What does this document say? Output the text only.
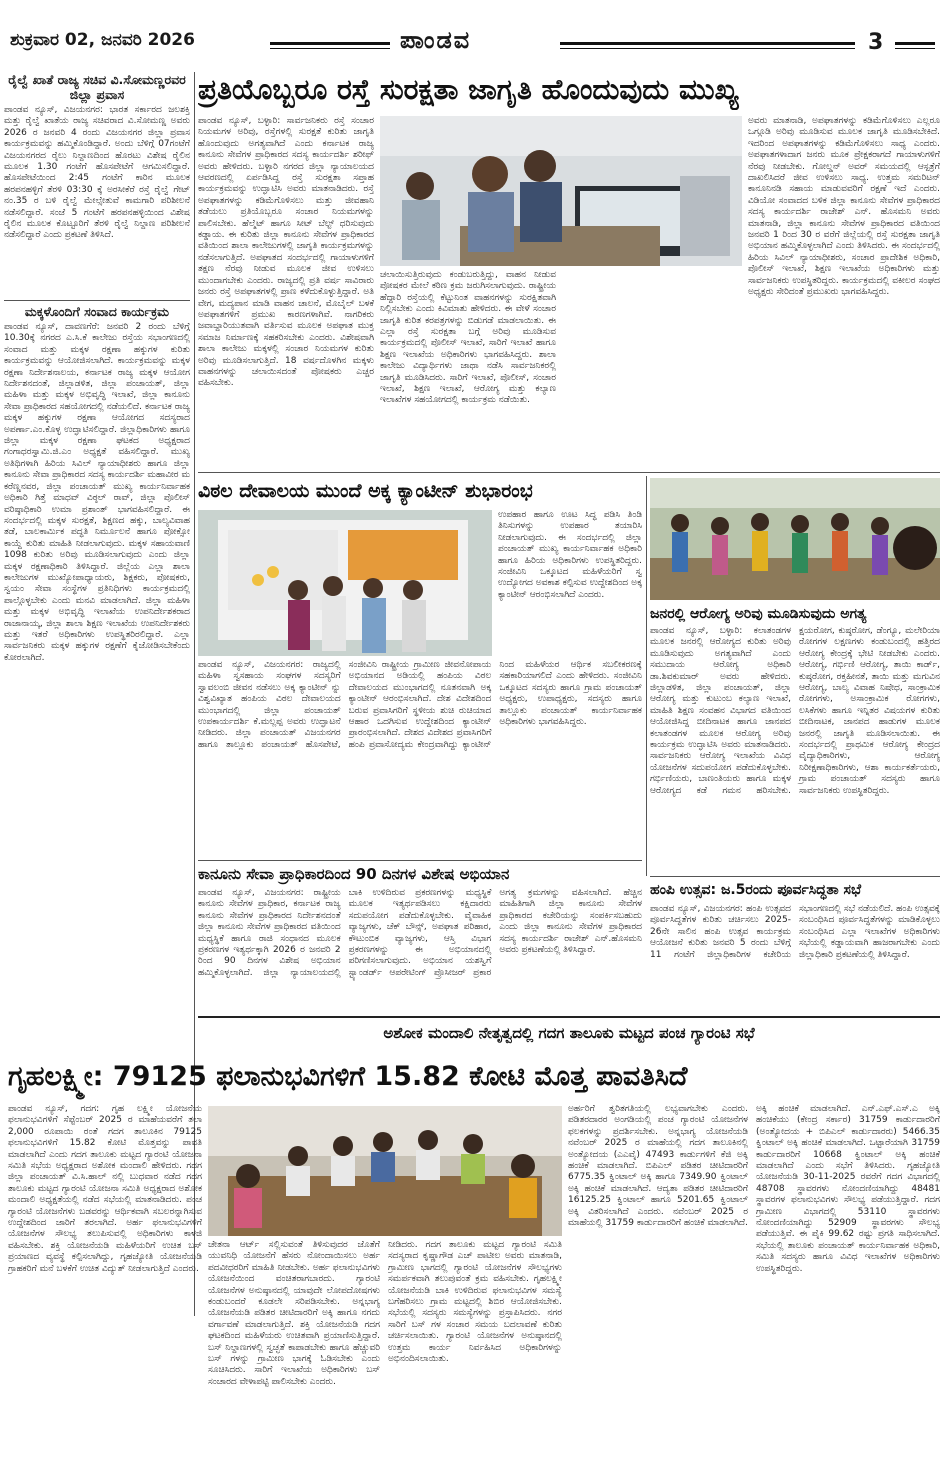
ಶುಕ್ರವಾರ 02, ಜನವರಿ 2026	ಪಾಂಡವ	3
ರೈಲ್ವೆ ಖಾತೆ ರಾಜ್ಯ ಸಚಿವ ವಿ.ಸೋಮಣ್ಣರವರ ಜಿಲ್ಲಾ ಪ್ರವಾಸ
ಪಾಂಡವ ನ್ಯೂಸ್, ವಿಜಯನಗರ: ಭಾರತ ಸರ್ಕಾರದ ಜಲಶಕ್ತಿ ಮತ್ತು ರೈಲ್ವೆ ಖಾತೆಯ ರಾಜ್ಯ ಸಚಿವರಾದ ವಿ.ಸೋಮಣ್ಣ ಅವರು 2026 ರ ಜನವರಿ 4 ರಂದು ವಿಜಯನಗರ ಜಿಲ್ಲಾ ಪ್ರವಾಸ ಕಾರ್ಯಕ್ರಮವನ್ನು ಹಮ್ಮಿಕೊಂಡಿದ್ದಾರೆ. ಅಂದು ಬೆಳಿಗ್ಗೆ 07ಗಂಟೆಗೆ ವಿಜಯನಗರದ ರೈಲು ನಿಲ್ದಾಣದಿಂದ ಹೊರಟು ವಿಶೇಷ ರೈಲಿನ ಮೂಲಕ 1.30 ಗಂಟೆಗೆ ಹೊಸಪೇಟೆಗೆ ಆಗಮಿಸಲಿದ್ದಾರೆ. ಹೊಸಪೇಟೆಯಿಂದ 2:45 ಗಂಟೆಗೆ ಕಾರಿನ ಮೂಲಕ ಹರಪನಹಳ್ಳಿಗೆ ತೆರಳಿ 03:30 ಕ್ಕೆ ಅರಸೀಕೆರೆ ರಸ್ತೆ ರೈಲ್ವೆ ಗೇಟ್ ನಂ.35 ರ ಬಳಿ ರೈಲ್ವೆ ಮೇಲ್ಸೇತುವೆ ಕಾಮಗಾರಿ ಪರಿಶೀಲನೆ ನಡೆಸಲಿದ್ದಾರೆ. ಸಂಜೆ 5 ಗಂಟೆಗೆ ಹರಪನಹಳ್ಳಿಯಿಂದ ವಿಶೇಷ ರೈಲಿನ ಮೂಲಕ ಕೊಟ್ಟೂರಿಗೆ ತೆರಳಿ ರೈಲ್ವೆ ನಿಲ್ದಾಣ ಪರಿಶೀಲನೆ ನಡೆಸಲಿದ್ದಾರೆ ಎಂದು ಪ್ರಕಟಣೆ ತಿಳಿಸಿದೆ.
ಮಕ್ಕಳೊಂದಿಗೆ ಸಂವಾದ ಕಾರ್ಯಕ್ರಮ
ಪಾಂಡವ ನ್ಯೂಸ್, ದಾವಣಗೆರೆ: ಜನವರಿ 2 ರಂದು ಬೆಳಿಗ್ಗೆ 10.30ಕ್ಕೆ ನಗರದ ಎ.ಸಿ.ಕೆ ಕಾಲೇಜು ರಸ್ತೆಯ ಸಭಾಂಗಣದಲ್ಲಿ ಸಂವಾದ ಮತ್ತು ಮಕ್ಕಳ ರಕ್ಷಣಾ ಹಕ್ಕುಗಳ ಕುರಿತು ಕಾರ್ಯಕ್ರಮವನ್ನು ಆಯೋಜಿಸಲಾಗಿದೆ. ಕಾರ್ಯಕ್ರಮವನ್ನು ಮಕ್ಕಳ ರಕ್ಷಣಾ ನಿರ್ದೇಶನಾಲಯ, ಕರ್ನಾಟಕ ರಾಜ್ಯ ಮಕ್ಕಳ ಆಯೋಗ ನಿರ್ದೇಶನದಂತೆ, ಜಿಲ್ಲಾಡಳಿತ, ಜಿಲ್ಲಾ ಪಂಚಾಯತ್, ಜಿಲ್ಲಾ ಮಹಿಳಾ ಮತ್ತು ಮಕ್ಕಳ ಅಭಿವೃದ್ಧಿ ಇಲಾಖೆ, ಜಿಲ್ಲಾ ಕಾನೂನು ಸೇವಾ ಪ್ರಾಧಿಕಾರದ ಸಹಯೋಗದಲ್ಲಿ ನಡೆಯಲಿದೆ. ಕರ್ನಾಟಕ ರಾಜ್ಯ ಮಕ್ಕಳ ಹಕ್ಕುಗಳ ರಕ್ಷಣಾ ಆಯೋಗದ ಸದಸ್ಯರಾದ ಅಪರ್ಣಾ.ಎಂ.ಕೊಳ್ಳ ಉದ್ಘಾಟಿಸಲಿದ್ದಾರೆ. ಜಿಲ್ಲಾಧಿಕಾರಿಗಳು ಹಾಗೂ ಜಿಲ್ಲಾ ಮಕ್ಕಳ ರಕ್ಷಣಾ ಘಟಕದ ಅಧ್ಯಕ್ಷರಾದ ಗಂಗಾಧರಸ್ವಾಮಿ.ಜಿ.ಎಂ ಅಧ್ಯಕ್ಷತೆ ವಹಿಸಲಿದ್ದಾರೆ. ಮುಖ್ಯ ಅತಿಥಿಗಳಾಗಿ ಹಿರಿಯ ಸಿವಿಲ್ ನ್ಯಾಯಾಧೀಶರು ಹಾಗೂ ಜಿಲ್ಲಾ ಕಾನೂನು ಸೇವಾ ಪ್ರಾಧಿಕಾರದ ಸದಸ್ಯ ಕಾರ್ಯದರ್ಶಿ ಮಹಾವೀರ ಮ ಕರೆಣ್ಣನವರ, ಜಿಲ್ಲಾ ಪಂಚಾಯತ್ ಮುಖ್ಯ ಕಾರ್ಯನಿರ್ವಾಹಕ ಅಧಿಕಾರಿ ಗಿತ್ತೆ ಮಾಧವ್ ವಿಠ್ಠಲ್ ರಾವ್, ಜಿಲ್ಲಾ ಪೊಲೀಸ್ ವರಿಷ್ಠಾಧಿಕಾರಿ ಉಮಾ ಪ್ರಶಾಂತ್ ಭಾಗವಹಿಸಲಿದ್ದಾರೆ. ಈ ಸಂದರ್ಭದಲ್ಲಿ ಮಕ್ಕಳ ಸುರಕ್ಷತೆ, ಶಿಕ್ಷಣದ ಹಕ್ಕು, ಬಾಲ್ಯವಿವಾಹ ತಡೆ, ಬಾಲಕಾರ್ಮಿಕ ಪದ್ಧತಿ ನಿರ್ಮೂಲನೆ ಹಾಗೂ ಪೋಕ್ಸೋ ಕಾಯ್ದೆ ಕುರಿತು ಮಾಹಿತಿ ನೀಡಲಾಗುವುದು. ಮಕ್ಕಳ ಸಹಾಯವಾಣಿ 1098 ಕುರಿತು ಅರಿವು ಮೂಡಿಸಲಾಗುವುದು ಎಂದು ಜಿಲ್ಲಾ ಮಕ್ಕಳ ರಕ್ಷಣಾಧಿಕಾರಿ ತಿಳಿಸಿದ್ದಾರೆ. ಜಿಲ್ಲೆಯ ಎಲ್ಲಾ ಶಾಲಾ ಕಾಲೇಜುಗಳ ಮುಖ್ಯೋಪಾಧ್ಯಾಯರು, ಶಿಕ್ಷಕರು, ಪೋಷಕರು, ಸ್ವಯಂ ಸೇವಾ ಸಂಸ್ಥೆಗಳ ಪ್ರತಿನಿಧಿಗಳು ಕಾರ್ಯಕ್ರಮದಲ್ಲಿ ಪಾಲ್ಗೊಳ್ಳಬೇಕು ಎಂದು ಮನವಿ ಮಾಡಲಾಗಿದೆ. ಜಿಲ್ಲಾ ಮಹಿಳಾ ಮತ್ತು ಮಕ್ಕಳ ಅಭಿವೃದ್ಧಿ ಇಲಾಖೆಯ ಉಪನಿರ್ದೇಶಕರಾದ ರಾಜಾನಾಯ್ಕ, ಜಿಲ್ಲಾ ಶಾಲಾ ಶಿಕ್ಷಣ ಇಲಾಖೆಯ ಉಪನಿರ್ದೇಶಕರು ಮತ್ತು ಇತರೆ ಅಧಿಕಾರಿಗಳು ಉಪಸ್ಥಿತರಿರಲಿದ್ದಾರೆ. ಎಲ್ಲಾ ಸಾರ್ವಜನಿಕರು ಮಕ್ಕಳ ಹಕ್ಕುಗಳ ರಕ್ಷಣೆಗೆ ಕೈಜೋಡಿಸಬೇಕೆಂದು ಕೋರಲಾಗಿದೆ.
ಪ್ರತಿಯೊಬ್ಬರೂ ರಸ್ತೆ ಸುರಕ್ಷತಾ ಜಾಗೃತಿ ಹೊಂದುವುದು ಮುಖ್ಯ
ಪಾಂಡವ ನ್ಯೂಸ್, ಬಳ್ಳಾರಿ: ಸಾರ್ವಜನಿಕರು ರಸ್ತೆ ಸಂಚಾರ ನಿಯಮಗಳ ಅರಿವು, ರಸ್ತೆಗಳಲ್ಲಿ ಸುರಕ್ಷತೆ ಕುರಿತು ಜಾಗೃತಿ ಹೊಂದುವುದು ಅಗತ್ಯವಾಗಿದೆ ಎಂದು ಕರ್ನಾಟಕ ರಾಜ್ಯ ಕಾನೂನು ಸೇವೆಗಳ ಪ್ರಾಧಿಕಾರದ ಸದಸ್ಯ ಕಾರ್ಯದರ್ಶಿ ಶರೀಫ್ ಅವರು ಹೇಳಿದರು. ಬಳ್ಳಾರಿ ನಗರದ ಜಿಲ್ಲಾ ನ್ಯಾಯಾಲಯದ ಆವರಣದಲ್ಲಿ ಏರ್ಪಡಿಸಿದ್ದ ರಸ್ತೆ ಸುರಕ್ಷತಾ ಸಪ್ತಾಹ ಕಾರ್ಯಕ್ರಮವನ್ನು ಉದ್ಘಾಟಿಸಿ ಅವರು ಮಾತನಾಡಿದರು. ರಸ್ತೆ ಅಪಘಾತಗಳನ್ನು ಕಡಿಮೆಗೊಳಿಸಲು ಮತ್ತು ಜೀವಹಾನಿ ತಡೆಯಲು ಪ್ರತಿಯೊಬ್ಬರೂ ಸಂಚಾರ ನಿಯಮಗಳನ್ನು ಪಾಲಿಸಬೇಕು. ಹೆಲ್ಮೆಟ್ ಹಾಗೂ ಸೀಟ್ ಬೆಲ್ಟ್ ಧರಿಸುವುದು ಕಡ್ಡಾಯ. ಈ ಕುರಿತು ಜಿಲ್ಲಾ ಕಾನೂನು ಸೇವೆಗಳ ಪ್ರಾಧಿಕಾರದ ವತಿಯಿಂದ ಶಾಲಾ ಕಾಲೇಜುಗಳಲ್ಲಿ ಜಾಗೃತಿ ಕಾರ್ಯಕ್ರಮಗಳನ್ನು ನಡೆಸಲಾಗುತ್ತಿದೆ. ಅಪಘಾತದ ಸಂದರ್ಭದಲ್ಲಿ ಗಾಯಾಳುಗಳಿಗೆ ತಕ್ಷಣ ನೆರವು ನೀಡುವ ಮೂಲಕ ಜೀವ ಉಳಿಸಲು ಮುಂದಾಗಬೇಕು ಎಂದರು. ರಾಜ್ಯದಲ್ಲಿ ಪ್ರತಿ ವರ್ಷ ಸಾವಿರಾರು ಜನರು ರಸ್ತೆ ಅಪಘಾತಗಳಲ್ಲಿ ಪ್ರಾಣ ಕಳೆದುಕೊಳ್ಳುತ್ತಿದ್ದಾರೆ. ಅತಿ ವೇಗ, ಮದ್ಯಪಾನ ಮಾಡಿ ವಾಹನ ಚಾಲನೆ, ಮೊಬೈಲ್ ಬಳಕೆ ಅಪಘಾತಗಳಿಗೆ ಪ್ರಮುಖ ಕಾರಣಗಳಾಗಿವೆ. ನಾಗರಿಕರು ಜವಾಬ್ದಾರಿಯುತವಾಗಿ ವರ್ತಿಸುವ ಮೂಲಕ ಅಪಘಾತ ಮುಕ್ತ ಸಮಾಜ ನಿರ್ಮಾಣಕ್ಕೆ ಸಹಕರಿಸಬೇಕು ಎಂದರು. ವಿಶೇಷವಾಗಿ ಶಾಲಾ ಕಾಲೇಜು ಮಕ್ಕಳಲ್ಲಿ ಸಂಚಾರ ನಿಯಮಗಳ ಕುರಿತು ಅರಿವು ಮೂಡಿಸಲಾಗುತ್ತಿದೆ. 18 ವರ್ಷದೊಳಗಿನ ಮಕ್ಕಳು ವಾಹನಗಳನ್ನು ಚಲಾಯಿಸದಂತೆ ಪೋಷಕರು ಎಚ್ಚರ ವಹಿಸಬೇಕು.
ಚಲಾಯಿಸುತ್ತಿರುವುದು ಕಂಡುಬರುತ್ತಿದ್ದು, ವಾಹನ ನೀಡುವ ಪೋಷಕರ ಮೇಲೆ ಕಠಿಣ ಕ್ರಮ ಜರುಗಿಸಲಾಗುವುದು. ರಾಷ್ಟ್ರೀಯ ಹೆದ್ದಾರಿ ರಸ್ತೆಯಲ್ಲಿ ಕೆಟ್ಟುನಿಂತ ವಾಹನಗಳನ್ನು ಸುರಕ್ಷಿತವಾಗಿ ನಿಲ್ಲಿಸಬೇಕು ಎಂದು ಕಿವಿಮಾತು ಹೇಳಿದರು. ಈ ವೇಳೆ ಸಂಚಾರ ಜಾಗೃತಿ ಕುರಿತ ಕರಪತ್ರಗಳನ್ನು ಬಿಡುಗಡೆ ಮಾಡಲಾಯಿತು. ಈ ಎಲ್ಲಾ ರಸ್ತೆ ಸುರಕ್ಷತಾ ಬಗ್ಗೆ ಅರಿವು ಮೂಡಿಸುವ ಕಾರ್ಯಕ್ರಮದಲ್ಲಿ ಪೊಲೀಸ್ ಇಲಾಖೆ, ಸಾರಿಗೆ ಇಲಾಖೆ ಹಾಗೂ ಶಿಕ್ಷಣ ಇಲಾಖೆಯ ಅಧಿಕಾರಿಗಳು ಭಾಗವಹಿಸಿದ್ದರು. ಶಾಲಾ ಕಾಲೇಜು ವಿದ್ಯಾರ್ಥಿಗಳು ಜಾಥಾ ನಡೆಸಿ ಸಾರ್ವಜನಿಕರಲ್ಲಿ ಜಾಗೃತಿ ಮೂಡಿಸಿದರು. ಸಾರಿಗೆ ಇಲಾಖೆ, ಪೊಲೀಸ್, ಸಂಚಾರ ಇಲಾಖೆ, ಶಿಕ್ಷಣ ಇಲಾಖೆ, ಆರೋಗ್ಯ ಮತ್ತು ಕಲ್ಯಾಣ ಇಲಾಖೆಗಳ ಸಹಯೋಗದಲ್ಲಿ ಕಾರ್ಯಕ್ರಮ ನಡೆಯಿತು.
ಅವರು ಮಾತನಾಡಿ, ಅಪಘಾತಗಳನ್ನು ಕಡಿಮೆಗೊಳಿಸಲು ಎಲ್ಲರೂ ಒಗ್ಗೂಡಿ ಅರಿವು ಮೂಡಿಸುವ ಮೂಲಕ ಜಾಗೃತಿ ಮೂಡಿಸಬೇಕಿದೆ. ಇದರಿಂದ ಅಪಘಾತಗಳನ್ನು ಕಡಿಮೆಗೊಳಿಸಲು ಸಾಧ್ಯ ಎಂದರು. ಅಪಘಾತಗಳಾದಾಗ ಜನರು ಮೂಕ ಪ್ರೇಕ್ಷಕರಾಗದೆ ಗಾಯಾಳುಗಳಿಗೆ ನೆರವು ನೀಡಬೇಕು. ಗೋಲ್ಡನ್ ಅವರ್ ಸಮಯದಲ್ಲಿ ಆಸ್ಪತ್ರೆಗೆ ದಾಖಲಿಸಿದರೆ ಜೀವ ಉಳಿಸಲು ಸಾಧ್ಯ. ಉತ್ತಮ ಸಮರಿಟನ್ ಕಾನೂನಿನಡಿ ಸಹಾಯ ಮಾಡುವವರಿಗೆ ರಕ್ಷಣೆ ಇದೆ ಎಂದರು. ವಿಡಿಯೋ ಸಂವಾದದ ಬಳಿಕ ಜಿಲ್ಲಾ ಕಾನೂನು ಸೇವೆಗಳ ಪ್ರಾಧಿಕಾರದ ಸದಸ್ಯ ಕಾರ್ಯದರ್ಶಿ ರಾಜೇಶ್ ಎನ್. ಹೊಸಮನಿ ಅವರು ಮಾತನಾಡಿ, ಜಿಲ್ಲಾ ಕಾನೂನು ಸೇವೆಗಳ ಪ್ರಾಧಿಕಾರದ ವತಿಯಿಂದ ಜನವರಿ 1 ರಿಂದ 30 ರ ವರೆಗೆ ಜಿಲ್ಲೆಯಲ್ಲಿ ರಸ್ತೆ ಸುರಕ್ಷತಾ ಜಾಗೃತಿ ಅಭಿಯಾನ ಹಮ್ಮಿಕೊಳ್ಳಲಾಗಿದೆ ಎಂದು ತಿಳಿಸಿದರು. ಈ ಸಂದರ್ಭದಲ್ಲಿ ಹಿರಿಯ ಸಿವಿಲ್ ನ್ಯಾಯಾಧೀಶರು, ಸಂಚಾರ ಪ್ರಾದೇಶಿಕ ಅಧಿಕಾರಿ, ಪೊಲೀಸ್ ಇಲಾಖೆ, ಶಿಕ್ಷಣ ಇಲಾಖೆಯ ಅಧಿಕಾರಿಗಳು ಮತ್ತು ಸಾರ್ವಜನಿಕರು ಉಪಸ್ಥಿತರಿದ್ದರು. ಕಾರ್ಯಕ್ರಮದಲ್ಲಿ ವಕೀಲರ ಸಂಘದ ಅಧ್ಯಕ್ಷರು ಸೇರಿದಂತೆ ಪ್ರಮುಖರು ಭಾಗವಹಿಸಿದ್ದರು.
ವಿಠಲ ದೇವಾಲಯ ಮುಂದೆ ಅಕ್ಕ ಕ್ಯಾಂಟೀನ್ ಶುಭಾರಂಭ
ಉಪಹಾರ ಹಾಗೂ ಊಟ ಸಿದ್ಧ ಪಡಿಸಿ ತಿಂಡಿ ತಿನಿಸುಗಳನ್ನು ಉಪಹಾರ ತಯಾರಿಸಿ ನೀಡಲಾಗುವುದು. ಈ ಸಂದರ್ಭದಲ್ಲಿ ಜಿಲ್ಲಾ ಪಂಚಾಯತ್ ಮುಖ್ಯ ಕಾರ್ಯನಿರ್ವಾಹಕ ಅಧಿಕಾರಿ ಹಾಗೂ ಹಿರಿಯ ಅಧಿಕಾರಿಗಳು ಉಪಸ್ಥಿತರಿದ್ದರು. ಸಂಜೀವಿನಿ ಒಕ್ಕೂಟದ ಮಹಿಳೆಯರಿಗೆ ಸ್ವ ಉದ್ಯೋಗದ ಅವಕಾಶ ಕಲ್ಪಿಸುವ ಉದ್ದೇಶದಿಂದ ಅಕ್ಕ ಕ್ಯಾಂಟೀನ್ ಆರಂಭಿಸಲಾಗಿದೆ ಎಂದರು.
ಪಾಂಡವ ನ್ಯೂಸ್, ವಿಜಯನಗರ: ರಾಜ್ಯದಲ್ಲಿ ಮಹಿಳಾ ಸ್ವಸಹಾಯ ಸಂಘಗಳ ಸದಸ್ಯರಿಗೆ ಸ್ವಾವಲಂಬಿ ಜೀವನ ನಡೆಸಲು ಅಕ್ಕ ಕ್ಯಾಂಟೀನ್ ನ್ನು ವಿಶ್ವವಿಖ್ಯಾತ ಹಂಪಿಯ ವಿಠಲ ದೇವಾಲಯದ ಮುಂಭಾಗದಲ್ಲಿ ಜಿಲ್ಲಾ ಪಂಚಾಯತ್ ಉಪಕಾರ್ಯದರ್ಶಿ ಕೆ.ಮಲ್ಲಪ್ಪ ಅವರು ಉದ್ಘಾಟನೆ ನೀಡಿದರು. ಜಿಲ್ಲಾ ಪಂಚಾಯತ್ ವಿಜಯನಗರ ಹಾಗೂ ತಾಲ್ಲೂಕು ಪಂಚಾಯತ್ ಹೊಸಪೇಟೆ, ಸಂಜೀವಿನಿ ರಾಷ್ಟ್ರೀಯ ಗ್ರಾಮೀಣ ಜೀವನೋಪಾಯ ಅಭಿಯಾನದ ಅಡಿಯಲ್ಲಿ ಹಂಪಿಯ ವಿಠಲ ದೇವಾಲಯದ ಮುಂಭಾಗದಲ್ಲಿ ನೂತನವಾಗಿ ಅಕ್ಕ ಕ್ಯಾಂಟೀನ್ ಆರಂಭಿಸಲಾಗಿದೆ. ದೇಶ ವಿದೇಶದಿಂದ ಬರುವ ಪ್ರವಾಸಿಗರಿಗೆ ಸ್ಥಳೀಯ ಶುಚಿ ರುಚಿಯಾದ ಆಹಾರ ಒದಗಿಸುವ ಉದ್ದೇಶದಿಂದ ಕ್ಯಾಂಟೀನ್ ಪ್ರಾರಂಭಿಸಲಾಗಿದೆ. ದೇಶದ ವಿದೇಶದ ಪ್ರವಾಸಿಗರಿಗೆ ಹಂಪಿ ಪ್ರವಾಸೋದ್ಯಮ ಕೇಂದ್ರವಾಗಿದ್ದು ಕ್ಯಾಂಟೀನ್ ನಿಂದ ಮಹಿಳೆಯರ ಆರ್ಥಿಕ ಸಬಲೀಕರಣಕ್ಕೆ ಸಹಕಾರಿಯಾಗಲಿದೆ ಎಂದು ಹೇಳಿದರು. ಸಂಜೀವಿನಿ ಒಕ್ಕೂಟದ ಸದಸ್ಯರು ಹಾಗೂ ಗ್ರಾಮ ಪಂಚಾಯತ್ ಅಧ್ಯಕ್ಷರು, ಉಪಾಧ್ಯಕ್ಷರು, ಸದಸ್ಯರು ಹಾಗೂ ತಾಲ್ಲೂಕು ಪಂಚಾಯತ್ ಕಾರ್ಯನಿರ್ವಾಹಕ ಅಧಿಕಾರಿಗಳು ಭಾಗವಹಿಸಿದ್ದರು.
ಜನರಲ್ಲಿ ಆರೋಗ್ಯ ಅರಿವು ಮೂಡಿಸುವುದು ಅಗತ್ಯ
ಪಾಂಡವ ನ್ಯೂಸ್, ಬಳ್ಳಾರಿ: ಕಲಾತಂಡಗಳ ಮೂಲಕ ಜನರಲ್ಲಿ ಆರೋಗ್ಯದ ಕುರಿತು ಅರಿವು ಮೂಡಿಸುವುದು ಅಗತ್ಯವಾಗಿದೆ ಎಂದು ಸಮುದಾಯ ಆರೋಗ್ಯ ಅಧಿಕಾರಿ ಡಾ.ಶಿವಕುಮಾರ್ ಅವರು ಹೇಳಿದರು. ಜಿಲ್ಲಾಡಳಿತ, ಜಿಲ್ಲಾ ಪಂಚಾಯತ್, ಜಿಲ್ಲಾ ಆರೋಗ್ಯ ಮತ್ತು ಕುಟುಂಬ ಕಲ್ಯಾಣ ಇಲಾಖೆ, ಮಾಹಿತಿ ಶಿಕ್ಷಣ ಸಂವಹನ ವಿಭಾಗದ ವತಿಯಿಂದ ಆಯೋಜಿಸಿದ್ದ ಬೀದಿನಾಟಕ ಹಾಗೂ ಜಾನಪದ ಕಲಾತಂಡಗಳ ಮೂಲಕ ಆರೋಗ್ಯ ಅರಿವು ಕಾರ್ಯಕ್ರಮ ಉದ್ಘಾಟಿಸಿ ಅವರು ಮಾತನಾಡಿದರು. ಸಾರ್ವಜನಿಕರು ಆರೋಗ್ಯ ಇಲಾಖೆಯ ವಿವಿಧ ಯೋಜನೆಗಳ ಸದುಪಯೋಗ ಪಡೆದುಕೊಳ್ಳಬೇಕು. ಗರ್ಭಿಣಿಯರು, ಬಾಣಂತಿಯರು ಹಾಗೂ ಮಕ್ಕಳ ಆರೋಗ್ಯದ ಕಡೆ ಗಮನ ಹರಿಸಬೇಕು. ಕ್ಷಯರೋಗ, ಕುಷ್ಠರೋಗ, ಡೆಂಗ್ಯೂ, ಮಲೇರಿಯಾ ರೋಗಗಳ ಲಕ್ಷಣಗಳು ಕಂಡುಬಂದಲ್ಲಿ ಹತ್ತಿರದ ಆರೋಗ್ಯ ಕೇಂದ್ರಕ್ಕೆ ಭೇಟಿ ನೀಡಬೇಕು ಎಂದರು. ಆರೋಗ್ಯ, ಗರ್ಭಿಣಿ ಆರೋಗ್ಯ, ತಾಯಿ ಕಾರ್ಡ್, ಕುಷ್ಠರೋಗ, ರಕ್ತಹೀನತೆ, ತಾಯಿ ಮತ್ತು ಮಗುವಿನ ಆರೋಗ್ಯ, ಬಾಲ್ಯ ವಿವಾಹ ನಿಷೇಧ, ಸಾಂಕ್ರಾಮಿಕ ರೋಗಗಳು, ಅಸಾಂಕ್ರಾಮಿಕ ರೋಗಗಳು, ಲಸಿಕೆಗಳು ಹಾಗೂ ಇನ್ನಿತರ ವಿಷಯಗಳ ಕುರಿತು ಬೀದಿನಾಟಕ, ಜಾನಪದ ಹಾಡುಗಳ ಮೂಲಕ ಜನರಲ್ಲಿ ಜಾಗೃತಿ ಮೂಡಿಸಲಾಯಿತು. ಈ ಸಂದರ್ಭದಲ್ಲಿ ಪ್ರಾಥಮಿಕ ಆರೋಗ್ಯ ಕೇಂದ್ರದ ವೈದ್ಯಾಧಿಕಾರಿಗಳು, ಆರೋಗ್ಯ ನಿರೀಕ್ಷಣಾಧಿಕಾರಿಗಳು, ಆಶಾ ಕಾರ್ಯಕರ್ತೆಯರು, ಗ್ರಾಮ ಪಂಚಾಯತ್ ಸದಸ್ಯರು ಹಾಗೂ ಸಾರ್ವಜನಿಕರು ಉಪಸ್ಥಿತರಿದ್ದರು.
ಕಾನೂನು ಸೇವಾ ಪ್ರಾಧಿಕಾರದಿಂದ 90 ದಿನಗಳ ವಿಶೇಷ ಅಭಿಯಾನ
ಪಾಂಡವ ನ್ಯೂಸ್, ವಿಜಯನಗರ: ರಾಷ್ಟ್ರೀಯ ಕಾನೂನು ಸೇವೆಗಳ ಪ್ರಾಧಿಕಾರ, ಕರ್ನಾಟಕ ರಾಜ್ಯ ಕಾನೂನು ಸೇವೆಗಳ ಪ್ರಾಧಿಕಾರದ ನಿರ್ದೇಶನದಂತೆ ಜಿಲ್ಲಾ ಕಾನೂನು ಸೇವೆಗಳ ಪ್ರಾಧಿಕಾರದ ವತಿಯಿಂದ ಮಧ್ಯಸ್ಥಿಕೆ ಹಾಗೂ ರಾಜಿ ಸಂಧಾನದ ಮೂಲಕ ಪ್ರಕರಣಗಳ ಇತ್ಯರ್ಥಕ್ಕಾಗಿ 2026 ರ ಜನವರಿ 2 ರಿಂದ 90 ದಿನಗಳ ವಿಶೇಷ ಅಭಿಯಾನ ಹಮ್ಮಿಕೊಳ್ಳಲಾಗಿದೆ. ಜಿಲ್ಲಾ ನ್ಯಾಯಾಲಯದಲ್ಲಿ ಬಾಕಿ ಉಳಿದಿರುವ ಪ್ರಕರಣಗಳನ್ನು ಮಧ್ಯಸ್ಥಿಕೆ ಮೂಲಕ ಇತ್ಯರ್ಥಪಡಿಸಲು ಕಕ್ಷಿದಾರರು ಸದುಪಯೋಗ ಪಡೆದುಕೊಳ್ಳಬೇಕು. ವೈವಾಹಿಕ ವ್ಯಾಜ್ಯಗಳು, ಚೆಕ್ ಬೌನ್ಸ್, ಅಪಘಾತ ಪರಿಹಾರ, ಕೌಟುಂಬಿಕ ವ್ಯಾಜ್ಯಗಳು, ಆಸ್ತಿ ವಿಭಾಗ ಪ್ರಕರಣಗಳನ್ನು ಈ ಅಭಿಯಾನದಲ್ಲಿ ಪರಿಗಣಿಸಲಾಗುವುದು. ಅಭಿಯಾನ ಯಶಸ್ವಿಗೆ ಸ್ಟ್ಯಾಂಡರ್ಡ್ ಆಪರೇಟಿಂಗ್ ಪ್ರೊಸೀಜರ್ ಪ್ರಕಾರ ಅಗತ್ಯ ಕ್ರಮಗಳನ್ನು ವಹಿಸಲಾಗಿದೆ. ಹೆಚ್ಚಿನ ಮಾಹಿತಿಗಾಗಿ ಜಿಲ್ಲಾ ಕಾನೂನು ಸೇವೆಗಳ ಪ್ರಾಧಿಕಾರದ ಕಚೇರಿಯನ್ನು ಸಂಪರ್ಕಿಸಬಹುದು ಎಂದು ಜಿಲ್ಲಾ ಕಾನೂನು ಸೇವೆಗಳ ಪ್ರಾಧಿಕಾರದ ಸದಸ್ಯ ಕಾರ್ಯದರ್ಶಿ ರಾಜೇಶ್ ಎನ್.ಹೊಸಮನಿ ಅವರು ಪ್ರಕಟಣೆಯಲ್ಲಿ ತಿಳಿಸಿದ್ದಾರೆ.
ಹಂಪಿ ಉತ್ಸವ: ಜ.5ರಂದು ಪೂರ್ವಸಿದ್ಧತಾ ಸಭೆ
ಪಾಂಡವ ನ್ಯೂಸ್, ವಿಜಯನಗರ: ಹಂಪಿ ಉತ್ಸವದ ಪೂರ್ವಸಿದ್ಧತೆಗಳ ಕುರಿತು ಚರ್ಚಿಸಲು 2025-26ನೇ ಸಾಲಿನ ಹಂಪಿ ಉತ್ಸವ ಕಾರ್ಯಕ್ರಮ ಆಯೋಜನೆ ಕುರಿತು ಜನವರಿ 5 ರಂದು ಬೆಳಿಗ್ಗೆ 11 ಗಂಟೆಗೆ ಜಿಲ್ಲಾಧಿಕಾರಿಗಳ ಕಚೇರಿಯ ಸಭಾಂಗಣದಲ್ಲಿ ಸಭೆ ನಡೆಯಲಿದೆ. ಹಂಪಿ ಉತ್ಸವಕ್ಕೆ ಸಂಬಂಧಿಸಿದ ಪೂರ್ವಸಿದ್ಧತೆಗಳನ್ನು ಮಾಡಿಕೊಳ್ಳಲು ಸಂಬಂಧಿಸಿದ ಎಲ್ಲಾ ಇಲಾಖೆಗಳ ಅಧಿಕಾರಿಗಳು ಸಭೆಯಲ್ಲಿ ಕಡ್ಡಾಯವಾಗಿ ಹಾಜರಾಗಬೇಕು ಎಂದು ಜಿಲ್ಲಾಧಿಕಾರಿ ಪ್ರಕಟಣೆಯಲ್ಲಿ ತಿಳಿಸಿದ್ದಾರೆ.
ಅಶೋಕ ಮಂದಾಲಿ ನೇತೃತ್ವದಲ್ಲಿ ಗದಗ ತಾಲೂಕು ಮಟ್ಟದ ಪಂಚ ಗ್ಯಾರಂಟಿ ಸಭೆ
ಗೃಹಲಕ್ಷ್ಮೀ: 79125 ಫಲಾನುಭವಿಗಳಿಗೆ 15.82 ಕೋಟಿ ಮೊತ್ತ ಪಾವತಿಸಿದೆ
ಪಾಂಡವ ನ್ಯೂಸ್, ಗದಗ: ಗೃಹ ಲಕ್ಷ್ಮೀ ಯೋಜನೆಯ ಫಲಾನುಭವಿಗಳಿಗೆ ಸೆಪ್ಟೆಂಬರ್ 2025 ರ ಮಾಹೆಯವರೆಗೆ ತಲಾ 2,000 ರೂಪಾಯಿ ರಂತೆ ಗದಗ ತಾಲೂಕಿನ 79125 ಫಲಾನುಭವಿಗಳಿಗೆ 15.82 ಕೋಟಿ ಮೊತ್ತವನ್ನು ಪಾವತಿ ಮಾಡಲಾಗಿದೆ ಎಂದು ಗದಗ ತಾಲೂಕು ಮಟ್ಟದ ಗ್ಯಾರಂಟಿ ಯೋಜನಾ ಸಮಿತಿ ಸಭೆಯ ಅಧ್ಯಕ್ಷರಾದ ಅಶೋಕ ಮಂದಾಲಿ ಹೇಳಿದರು. ಗದಗ ಜಿಲ್ಲಾ ಪಂಚಾಯತ್ ವಿ.ಸಿ.ಹಾಲ್ ನಲ್ಲಿ ಬುಧವಾರ ನಡೆದ ಗದಗ ತಾಲೂಕು ಮಟ್ಟದ ಗ್ಯಾರಂಟಿ ಯೋಜನಾ ಸಮಿತಿ ಅಧ್ಯಕ್ಷರಾದ ಅಶೋಕ ಮಂದಾಲಿ ಅಧ್ಯಕ್ಷತೆಯಲ್ಲಿ ನಡೆದ ಸಭೆಯಲ್ಲಿ ಮಾತನಾಡಿದರು. ಪಂಚ ಗ್ಯಾರಂಟಿ ಯೋಜನೆಗಳು ಬಡವರನ್ನು ಆರ್ಥಿಕವಾಗಿ ಸಬಲರನ್ನಾಗಿಸುವ ಉದ್ದೇಶದಿಂದ ಜಾರಿಗೆ ತರಲಾಗಿದೆ. ಅರ್ಹ ಫಲಾನುಭವಿಗಳಿಗೆ ಯೋಜನೆಗಳ ಸೌಲಭ್ಯ ತಲುಪಿಸುವಲ್ಲಿ ಅಧಿಕಾರಿಗಳು ಕಾಳಜಿ ವಹಿಸಬೇಕು. ಶಕ್ತಿ ಯೋಜನೆಯಡಿ ಮಹಿಳೆಯರಿಗೆ ಉಚಿತ ಬಸ್ ಪ್ರಯಾಣದ ವ್ಯವಸ್ಥೆ ಕಲ್ಪಿಸಲಾಗಿದ್ದು, ಗೃಹಜ್ಯೋತಿ ಯೋಜನೆಯಡಿ ಗ್ರಾಹಕರಿಗೆ ಮನೆ ಬಳಕೆಗೆ ಉಚಿತ ವಿದ್ಯುತ್ ನೀಡಲಾಗುತ್ತಿದೆ ಎಂದರು.
ಚೇತನಾ ಆರ್ಟ್ ಸಲ್ಲಿಸುವಂತೆ ತಿಳಿಸುವುದರ ಜೊತೆಗೆ ಯುವನಿಧಿ ಯೋಜನೆಗೆ ಹೆಸರು ನೋಂದಾಯಿಸಲು ಅರ್ಹ ಪದವೀಧರರಿಗೆ ಮಾಹಿತಿ ನೀಡಬೇಕು. ಅರ್ಹ ಫಲಾನುಭವಿಗಳು ಯೋಜನೆಯಿಂದ ವಂಚಿತರಾಗಬಾರದು. ಗ್ಯಾರಂಟಿ ಯೋಜನೆಗಳ ಅನುಷ್ಠಾನದಲ್ಲಿ ಯಾವುದೇ ಲೋಪದೋಷಗಳು ಕಂಡುಬಂದರೆ ಕೂಡಲೇ ಸರಿಪಡಿಸಬೇಕು. ಅನ್ನಭಾಗ್ಯ ಯೋಜನೆಯಡಿ ಪಡಿತರ ಚೀಟಿದಾರರಿಗೆ ಅಕ್ಕಿ ಹಾಗೂ ನಗದು ವರ್ಗಾವಣೆ ಮಾಡಲಾಗುತ್ತಿದೆ. ಶಕ್ತಿ ಯೋಜನೆಯಡಿ ಗದಗ ಘಟಕದಿಂದ ಮಹಿಳೆಯರು ಉಚಿತವಾಗಿ ಪ್ರಯಾಣಿಸುತ್ತಿದ್ದಾರೆ. ಬಸ್ ನಿಲ್ದಾಣಗಳಲ್ಲಿ ಸ್ವಚ್ಛತೆ ಕಾಪಾಡಬೇಕು ಹಾಗೂ ಹೆಚ್ಚುವರಿ ಬಸ್ ಗಳನ್ನು ಗ್ರಾಮೀಣ ಭಾಗಕ್ಕೆ ಓಡಿಸಬೇಕು ಎಂದು ಸೂಚಿಸಿದರು. ಸಾರಿಗೆ ಇಲಾಖೆಯ ಅಧಿಕಾರಿಗಳು ಬಸ್ ಸಂಚಾರದ ವೇಳಾಪಟ್ಟಿ ಪಾಲಿಸಬೇಕು ಎಂದರು.
ನೀಡಿದರು. ಗದಗ ತಾಲೂಕು ಮಟ್ಟದ ಗ್ಯಾರಂಟಿ ಸಮಿತಿ ಸದಸ್ಯರಾದ ಕೃಷ್ಣಾಗೌಡ ಎಚ್ ಪಾಟೀಲ ಅವರು ಮಾತನಾಡಿ, ಗ್ರಾಮೀಣ ಭಾಗದಲ್ಲಿ ಗ್ಯಾರಂಟಿ ಯೋಜನೆಗಳ ಸೌಲಭ್ಯಗಳು ಸಮರ್ಪಕವಾಗಿ ತಲುಪುವಂತೆ ಕ್ರಮ ವಹಿಸಬೇಕು. ಗೃಹಲಕ್ಷ್ಮೀ ಯೋಜನೆಯಡಿ ಬಾಕಿ ಉಳಿದಿರುವ ಫಲಾನುಭವಿಗಳ ಸಮಸ್ಯೆ ಬಗೆಹರಿಸಲು ಗ್ರಾಮ ಮಟ್ಟದಲ್ಲಿ ಶಿಬಿರ ಆಯೋಜಿಸಬೇಕು. ಸಭೆಯಲ್ಲಿ ಸದಸ್ಯರು ಸಮಸ್ಯೆಗಳನ್ನು ಪ್ರಸ್ತಾಪಿಸಿದರು. ನಗರ ಸಾರಿಗೆ ಬಸ್ ಗಳ ಸಂಚಾರ ಸಮಯ ಬದಲಾವಣೆ ಕುರಿತು ಚರ್ಚಿಸಲಾಯಿತು. ಗ್ಯಾರಂಟಿ ಯೋಜನೆಗಳ ಅನುಷ್ಠಾನದಲ್ಲಿ ಉತ್ತಮ ಕಾರ್ಯ ನಿರ್ವಹಿಸಿದ ಅಧಿಕಾರಿಗಳನ್ನು ಅಭಿನಂದಿಸಲಾಯಿತು.
ಅರ್ಹರಿಗೆ ತ್ವರಿತಗತಿಯಲ್ಲಿ ಲಭ್ಯವಾಗಬೇಕು ಎಂದರು. ಪಡಿತರದಾರರ ಅಂಗಡಿಯಲ್ಲಿ ಪಂಚ ಗ್ಯಾರಂಟಿ ಯೋಜನೆಗಳ ಫಲಕಗಳನ್ನು ಪ್ರದರ್ಶಿಸಬೇಕು. ಅನ್ನಭಾಗ್ಯ ಯೋಜನೆಯಡಿ ನವೆಂಬರ್ 2025 ರ ಮಾಹೆಯಲ್ಲಿ ಗದಗ ತಾಲೂಕಿನಲ್ಲಿ ಅಂತ್ಯೋದಯ (ಎಎವೈ) 47493 ಕಾರ್ಡುಗಳಿಗೆ ಕೆಜಿ ಅಕ್ಕಿ ಹಂಚಿಕೆ ಮಾಡಲಾಗಿದೆ. ಬಿಪಿಎಲ್ ಪಡಿತರ ಚೀಟಿದಾರರಿಗೆ 6775.35 ಕ್ವಿಂಟಾಲ್ ಅಕ್ಕಿ ಹಾಗೂ 7349.90 ಕ್ವಿಂಟಾಲ್ ಅಕ್ಕಿ ಹಂಚಿಕೆ ಮಾಡಲಾಗಿದೆ. ಆದ್ಯತಾ ಪಡಿತರ ಚೀಟಿದಾರರಿಗೆ 16125.25 ಕ್ವಿಂಟಾಲ್ ಹಾಗೂ 5201.65 ಕ್ವಿಂಟಾಲ್ ಅಕ್ಕಿ ವಿತರಿಸಲಾಗಿದೆ ಎಂದರು. ನವೆಂಬರ್ 2025 ರ ಮಾಹೆಯಲ್ಲಿ 31759 ಕಾರ್ಡುದಾರರಿಗೆ ಹಂಚಿಕೆ ಮಾಡಲಾಗಿದೆ.
ಅಕ್ಕಿ ಹಂಚಿಕೆ ಮಾಡಲಾಗಿದೆ. ಎನ್.ಎಫ್.ಎಸ್.ಎ ಅಕ್ಕಿ ಹಂಚಿಕೆಯು (ಕೇಂದ್ರ ಸರ್ಕಾರ) 31759 ಕಾರ್ಡುದಾರರಿಗೆ (ಅಂತ್ಯೋದಯ + ಬಿಪಿಎಲ್ ಕಾರ್ಡುದಾರರು) 5466.35 ಕ್ವಿಂಟಾಲ್ ಅಕ್ಕಿ ಹಂಚಿಕೆ ಮಾಡಲಾಗಿದೆ. ಒಟ್ಟಾರೆಯಾಗಿ 31759 ಕಾರ್ಡುದಾರರಿಗೆ 10668 ಕ್ವಿಂಟಾಲ್ ಅಕ್ಕಿ ಹಂಚಿಕೆ ಮಾಡಲಾಗಿದೆ ಎಂದು ಸಭೆಗೆ ತಿಳಿಸಿದರು. ಗೃಹಜ್ಯೋತಿ ಯೋಜನೆಯಡಿ 30-11-2025 ರವರೆಗೆ ಗದಗ ವಿಭಾಗದಲ್ಲಿ 48708 ಸ್ಥಾವರಗಳು ನೋಂದಣಿಯಾಗಿದ್ದು 48481 ಸ್ಥಾವರಗಳ ಫಲಾನುಭವಿಗಳು ಸೌಲಭ್ಯ ಪಡೆಯುತ್ತಿದ್ದಾರೆ. ಗದಗ ಗ್ರಾಮೀಣ ವಿಭಾಗದಲ್ಲಿ 53110 ಸ್ಥಾವರಗಳು ನೋಂದಣಿಯಾಗಿದ್ದು 52909 ಸ್ಥಾವರಗಳು ಸೌಲಭ್ಯ ಪಡೆಯುತ್ತಿವೆ. ಈ ಪೈಕಿ 99.62 ರಷ್ಟು ಪ್ರಗತಿ ಸಾಧಿಸಲಾಗಿದೆ. ಸಭೆಯಲ್ಲಿ ತಾಲೂಕು ಪಂಚಾಯತ್ ಕಾರ್ಯನಿರ್ವಾಹಕ ಅಧಿಕಾರಿ, ಸಮಿತಿ ಸದಸ್ಯರು ಹಾಗೂ ವಿವಿಧ ಇಲಾಖೆಗಳ ಅಧಿಕಾರಿಗಳು ಉಪಸ್ಥಿತರಿದ್ದರು.
